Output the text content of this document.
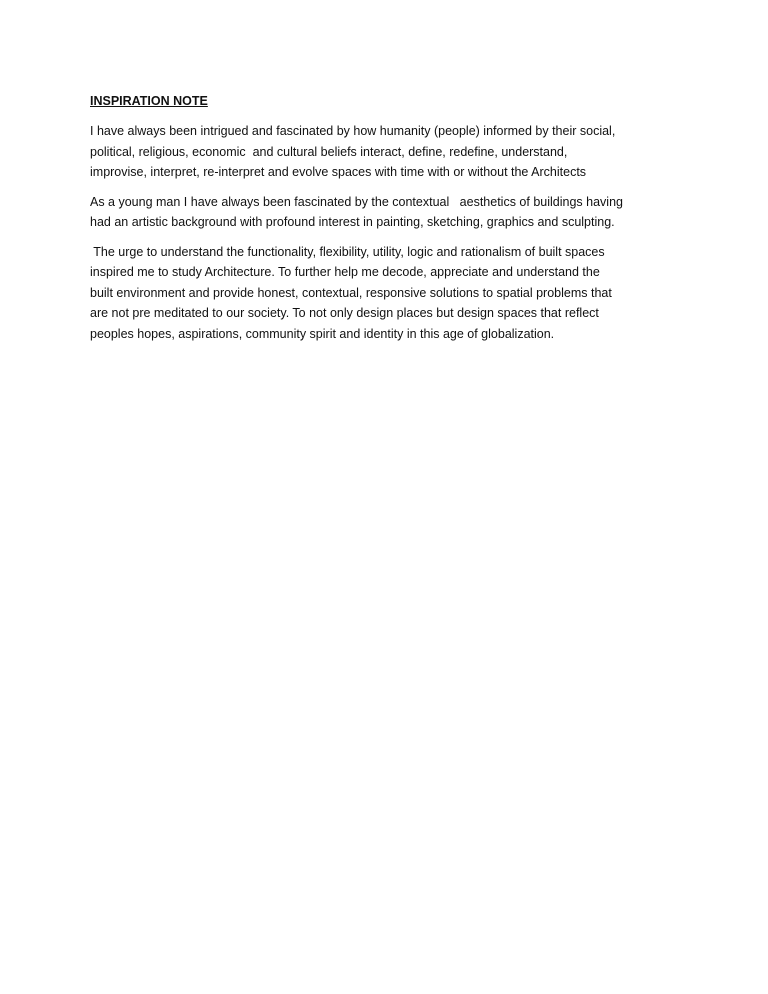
INSPIRATION NOTE
I have always been intrigued and fascinated by how humanity (people) informed by their social,
political, religious, economic  and cultural beliefs interact, define, redefine, understand,
improvise, interpret, re-interpret and evolve spaces with time with or without the Architects
As a young man I have always been fascinated by the contextual   aesthetics of buildings having
had an artistic background with profound interest in painting, sketching, graphics and sculpting.
The urge to understand the functionality, flexibility, utility, logic and rationalism of built spaces
inspired me to study Architecture. To further help me decode, appreciate and understand the
built environment and provide honest, contextual, responsive solutions to spatial problems that
are not pre meditated to our society. To not only design places but design spaces that reflect
peoples hopes, aspirations, community spirit and identity in this age of globalization.
